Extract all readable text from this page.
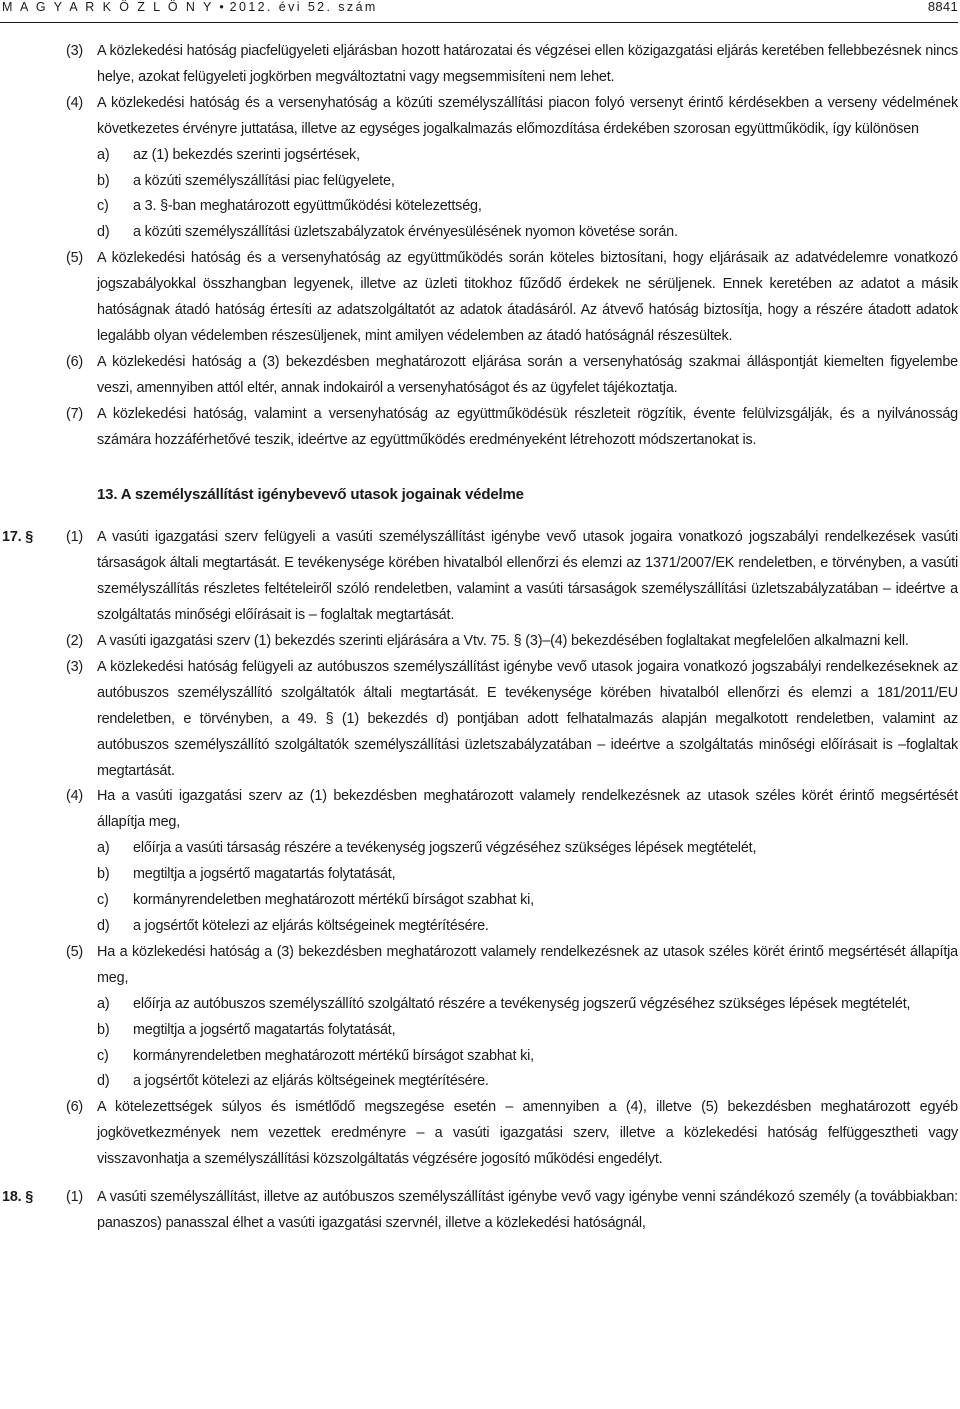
M A G Y A R K Ö Z L Ö N Y • 2012. évi 52. szám	8841
(3) A közlekedési hatóság piacfelügyeleti eljárásban hozott határozatai és végzései ellen közigazgatási eljárás keretében fellebbezésnek nincs helye, azokat felügyeleti jogkörben megváltoztatni vagy megsemmisíteni nem lehet.
(4) A közlekedési hatóság és a versenyhatóság a közúti személyszállítási piacon folyó versenyt érintő kérdésekben a verseny védelmének következetes érvényre juttatása, illetve az egységes jogalkalmazás előmozdítása érdekében szorosan együttműködik, így különösen
a) az (1) bekezdés szerinti jogsértések,
b) a közúti személyszállítási piac felügyelete,
c) a 3. §-ban meghatározott együttműködési kötelezettség,
d) a közúti személyszállítási üzletszabályzatok érvényesülésének nyomon követése során.
(5) A közlekedési hatóság és a versenyhatóság az együttműködés során köteles biztosítani, hogy eljárásaik az adatvédelemre vonatkozó jogszabályokkal összhangban legyenek, illetve az üzleti titokhoz fűződő érdekek ne sérüljenek. Ennek keretében az adatot a másik hatóságnak átadó hatóság értesíti az adatszolgáltatót az adatok átadásáról. Az átvevő hatóság biztosítja, hogy a részére átadott adatok legalább olyan védelemben részesüljenek, mint amilyen védelemben az átadó hatóságnál részesültek.
(6) A közlekedési hatóság a (3) bekezdésben meghatározott eljárása során a versenyhatóság szakmai álláspontját kiemelten figyelembe veszi, amennyiben attól eltér, annak indokairól a versenyhatóságot és az ügyfelet tájékoztatja.
(7) A közlekedési hatóság, valamint a versenyhatóság az együttműködésük részleteit rögzítik, évente felülvizsgálják, és a nyilvánosság számára hozzáférhetővé teszik, ideértve az együttműködés eredményeként létrehozott módszertanokat is.
13. A személyszállítást igénybevevő utasok jogainak védelme
17. § (1) A vasúti igazgatási szerv felügyeli a vasúti személyszállítást igénybe vevő utasok jogaira vonatkozó jogszabályi rendelkezések vasúti társaságok általi megtartását. E tevékenysége körében hivatalból ellenőrzi és elemzi az 1371/2007/EK rendeletben, e törvényben, a vasúti személyszállítás részletes feltételeiről szóló rendeletben, valamint a vasúti társaságok személyszállítási üzletszabályzatában – ideértve a szolgáltatás minőségi előírásait is – foglaltak megtartását.
(2) A vasúti igazgatási szerv (1) bekezdés szerinti eljárására a Vtv. 75. § (3)–(4) bekezdésében foglaltakat megfelelően alkalmazni kell.
(3) A közlekedési hatóság felügyeli az autóbuszos személyszállítást igénybe vevő utasok jogaira vonatkozó jogszabályi rendelkezéseknek az autóbuszos személyszállító szolgáltatók általi megtartását. E tevékenysége körében hivatalból ellenőrzi és elemzi a 181/2011/EU rendeletben, e törvényben, a 49. § (1) bekezdés d) pontjában adott felhatalmazás alapján megalkotott rendeletben, valamint az autóbuszos személyszállító szolgáltatók személyszállítási üzletszabályzatában – ideértve a szolgáltatás minőségi előírásait is –foglaltak megtartását.
(4) Ha a vasúti igazgatási szerv az (1) bekezdésben meghatározott valamely rendelkezésnek az utasok széles körét érintő megsértését állapítja meg,
a) előírja a vasúti társaság részére a tevékenység jogszerű végzéséhez szükséges lépések megtételét,
b) megtiltja a jogsértő magatartás folytatását,
c) kormányrendeletben meghatározott mértékű bírságot szabhat ki,
d) a jogsértőt kötelezi az eljárás költségeinek megtérítésére.
(5) Ha a közlekedési hatóság a (3) bekezdésben meghatározott valamely rendelkezésnek az utasok széles körét érintő megsértését állapítja meg,
a) előírja az autóbuszos személyszállító szolgáltató részére a tevékenység jogszerű végzéséhez szükséges lépések megtételét,
b) megtiltja a jogsértő magatartás folytatását,
c) kormányrendeletben meghatározott mértékű bírságot szabhat ki,
d) a jogsértőt kötelezi az eljárás költségeinek megtérítésére.
(6) A kötelezettségek súlyos és ismétlődő megszegése esetén – amennyiben a (4), illetve (5) bekezdésben meghatározott egyéb jogkövetkezmények nem vezettek eredményre – a vasúti igazgatási szerv, illetve a közlekedési hatóság felfüggesztheti vagy visszavonhatja a személyszállítási közszolgáltatás végzésére jogosító működési engedélyt.
18. § (1) A vasúti személyszállítást, illetve az autóbuszos személyszállítást igénybe vevő vagy igénybe venni szándékozó személy (a továbbiakban: panaszos) panasszal élhet a vasúti igazgatási szervnél, illetve a közlekedési hatóságnál,
